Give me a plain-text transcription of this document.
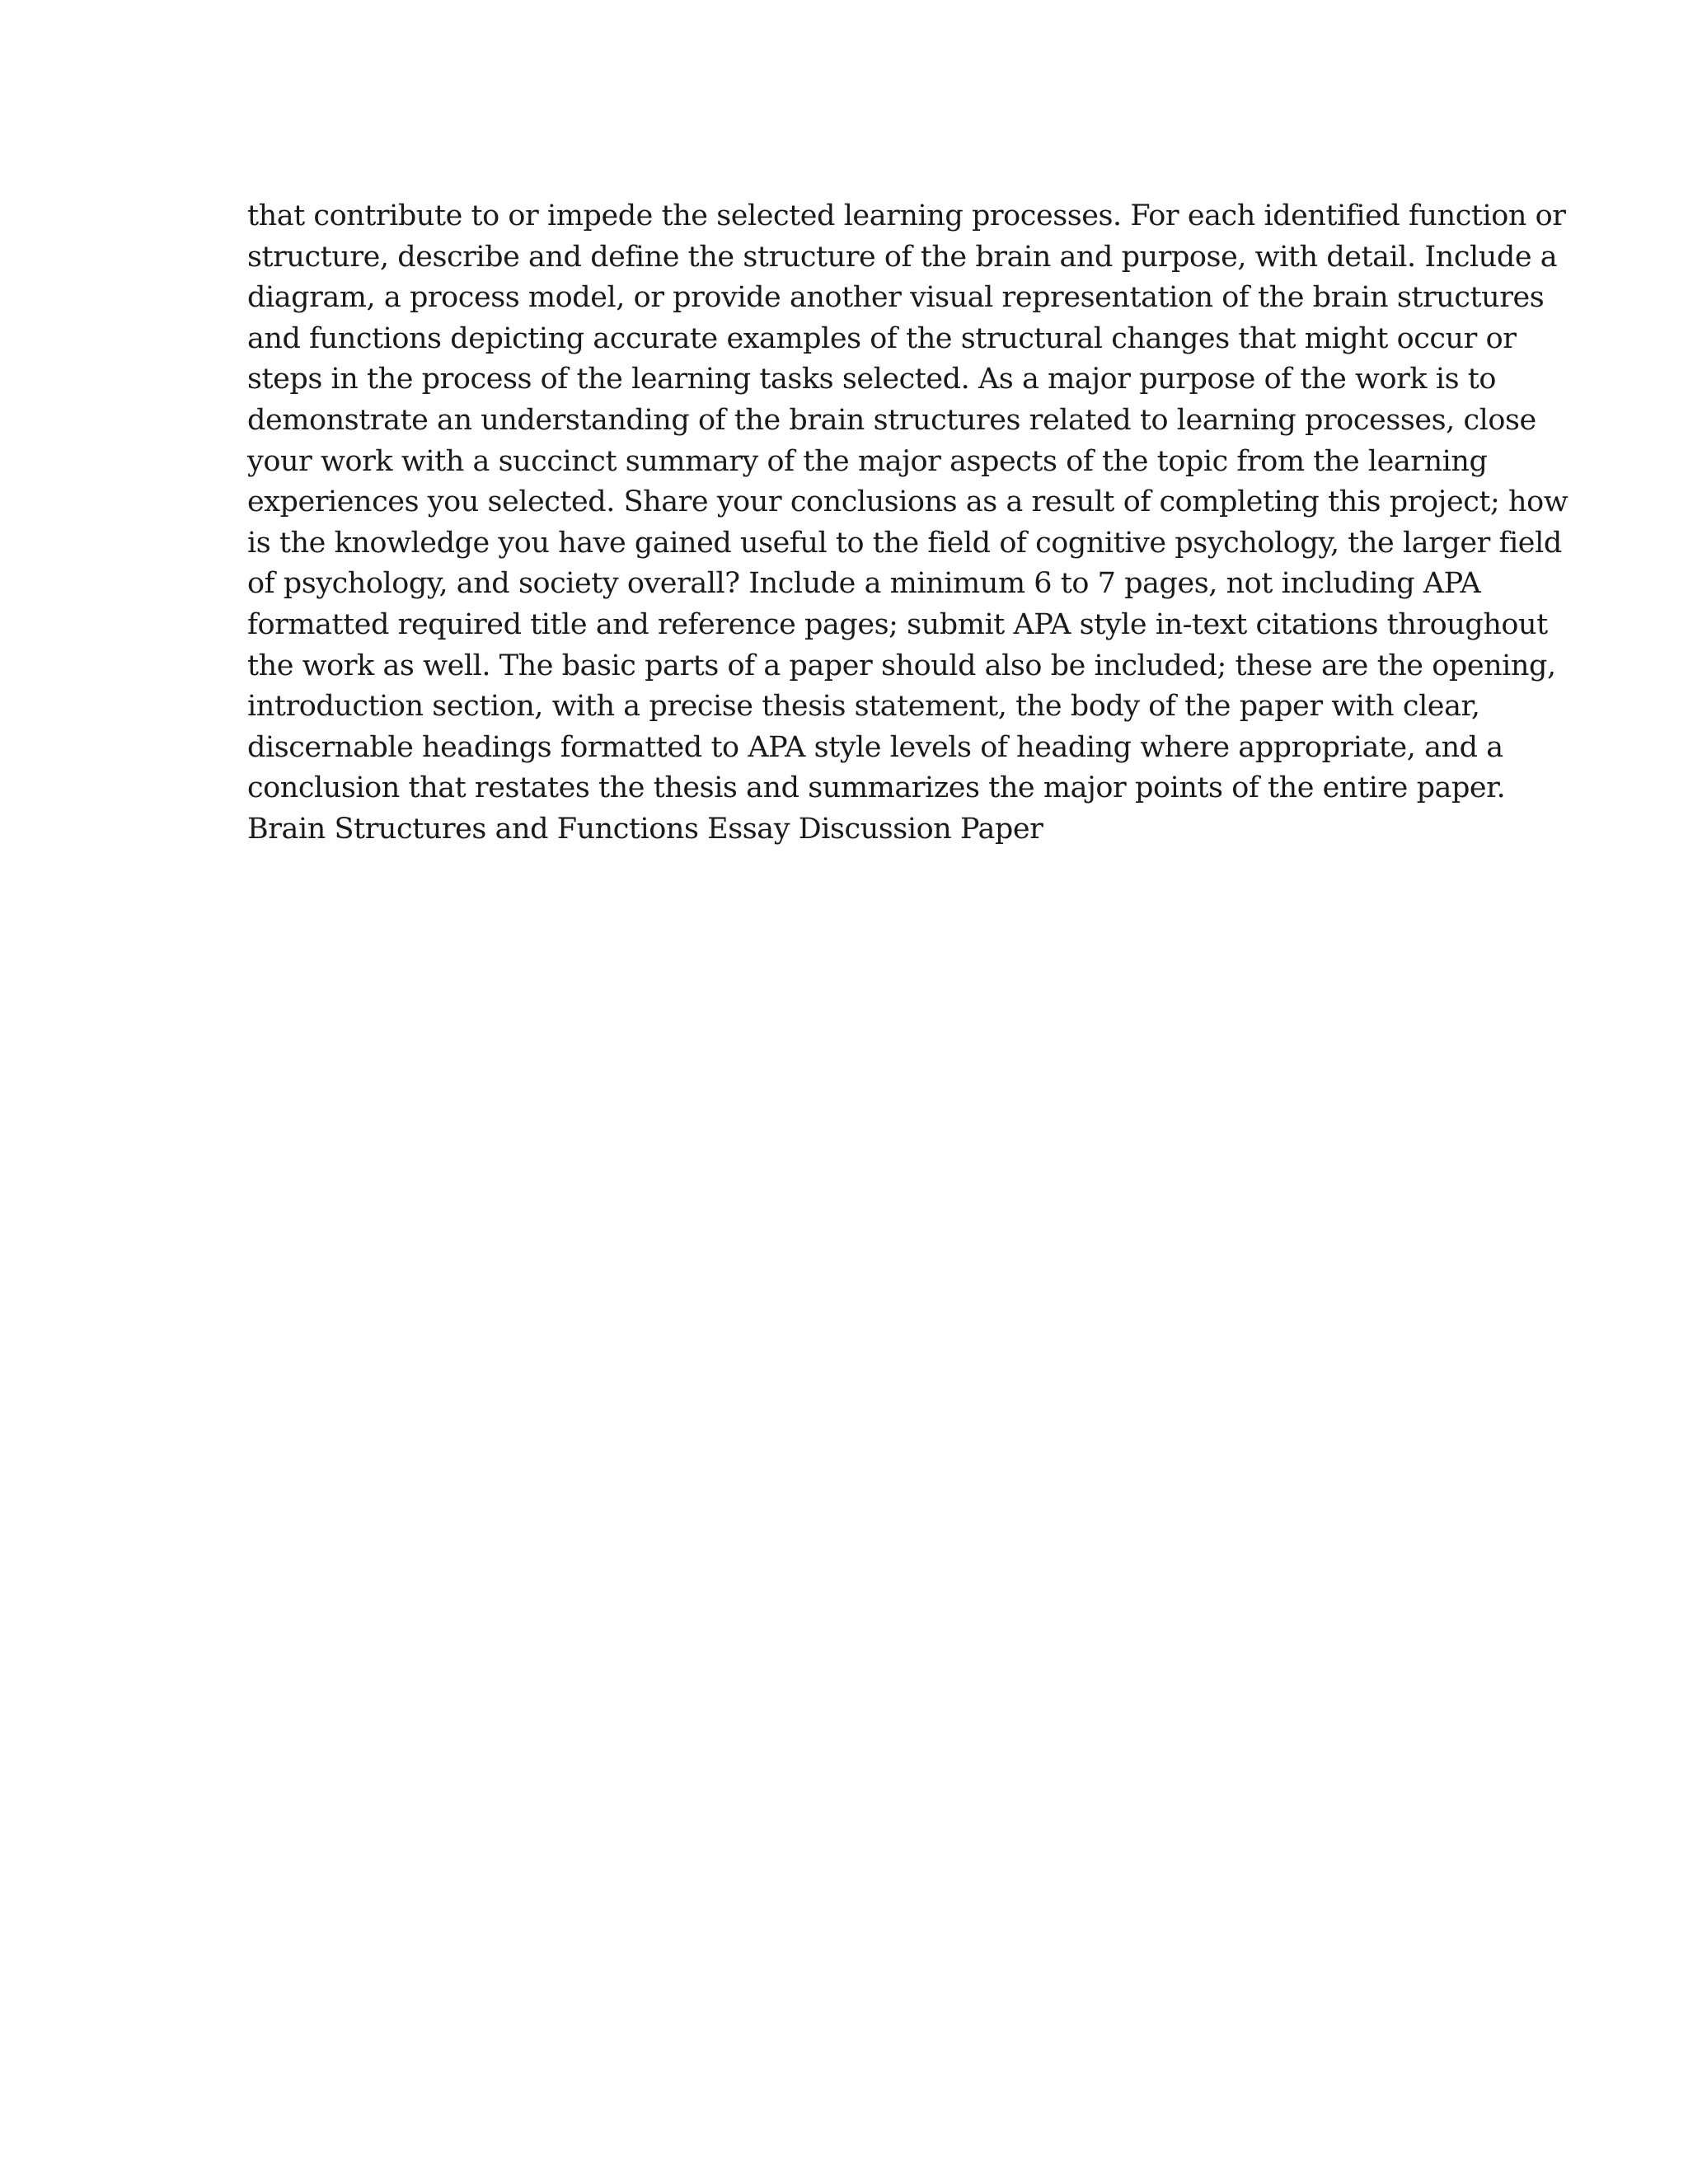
that contribute to or impede the selected learning processes. For each identified function or
structure, describe and define the structure of the brain and purpose, with detail. Include a
diagram, a process model, or provide another visual representation of the brain structures
and functions depicting accurate examples of the structural changes that might occur or
steps in the process of the learning tasks selected. As a major purpose of the work is to
demonstrate an understanding of the brain structures related to learning processes, close
your work with a succinct summary of the major aspects of the topic from the learning
experiences you selected. Share your conclusions as a result of completing this project; how
is the knowledge you have gained useful to the field of cognitive psychology, the larger field
of psychology, and society overall? Include a minimum 6 to 7 pages, not including APA
formatted required title and reference pages; submit APA style in-text citations throughout
the work as well. The basic parts of a paper should also be included; these are the opening,
introduction section, with a precise thesis statement, the body of the paper with clear,
discernable headings formatted to APA style levels of heading where appropriate, and a
conclusion that restates the thesis and summarizes the major points of the entire paper.
Brain Structures and Functions Essay Discussion Paper
